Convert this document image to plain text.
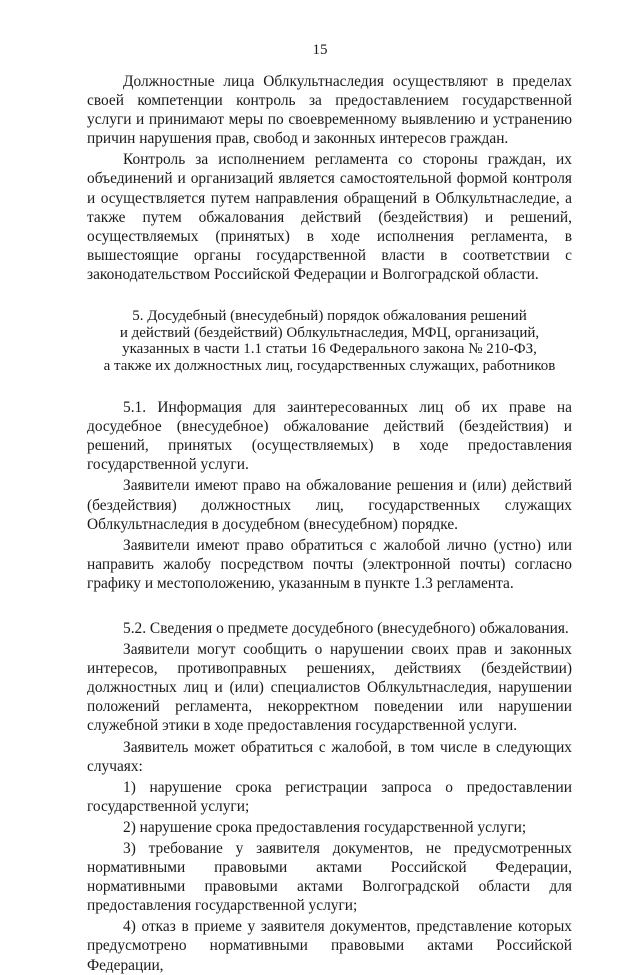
15

Должностные лица Облкультнаследия осуществляют в пределах своей компетенции контроль за предоставлением государственной услуги и принимают меры по своевременному выявлению и устранению причин нарушения прав, свобод и законных интересов граждан.

Контроль за исполнением регламента со стороны граждан, их объединений и организаций является самостоятельной формой контроля и осуществляется путем направления обращений в Облкультнаследие, а также путем обжалования действий (бездействия) и решений, осуществляемых (принятых) в ходе исполнения регламента, в вышестоящие органы государственной власти в соответствии с законодательством Российской Федерации и Волгоградской области.

5. Досудебный (внесудебный) порядок обжалования решений
и действий (бездействий) Облкультнаследия, МФЦ, организаций,
указанных в части 1.1 статьи 16 Федерального закона № 210-ФЗ,
а также их должностных лиц, государственных служащих, работников

5.1. Информация для заинтересованных лиц об их праве на досудебное (внесудебное) обжалование действий (бездействия) и решений, принятых (осуществляемых) в ходе предоставления государственной услуги.

Заявители имеют право на обжалование решения и (или) действий (бездействия) должностных лиц, государственных служащих Облкультнаследия в досудебном (внесудебном) порядке.

Заявители имеют право обратиться с жалобой лично (устно) или направить жалобу посредством почты (электронной почты) согласно графику и местоположению, указанным в пункте 1.3 регламента.

5.2. Сведения о предмете досудебного (внесудебного) обжалования.

Заявители могут сообщить о нарушении своих прав и законных интересов, противоправных решениях, действиях (бездействии) должностных лиц и (или) специалистов Облкультнаследия, нарушении положений регламента, некорректном поведении или нарушении служебной этики в ходе предоставления государственной услуги.

Заявитель может обратиться с жалобой, в том числе в следующих случаях:

1) нарушение срока регистрации запроса о предоставлении государственной услуги;

2) нарушение срока предоставления государственной услуги;

3) требование у заявителя документов, не предусмотренных нормативными правовыми актами Российской Федерации, нормативными правовыми актами Волгоградской области для предоставления государственной услуги;

4) отказ в приеме у заявителя документов, представление которых предусмотрено нормативными правовыми актами Российской Федерации,
